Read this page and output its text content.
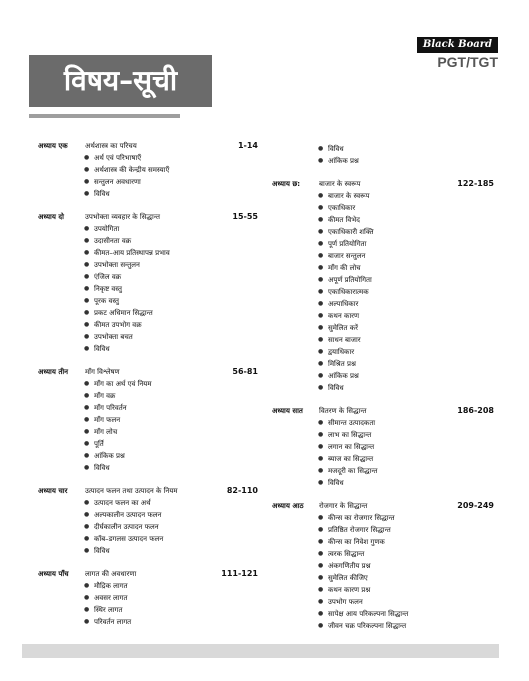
Black Board
PGT/TGT
विषय–सूची
अध्याय एक	अर्थशास्त्र का परिचय	1-14
● अर्थ एवं परिभाषाएँ
● अर्थशास्त्र की केन्द्रीय समस्याएँ
● सन्तुलन अवधारणा
● विविध
अध्याय दो	उपभोक्ता व्यवहार के सिद्धान्त	15-55
● उपयोगिता
● उदासीनता वक्र
● कीमत–आय प्रतिस्थापन्न प्रभाव
● उपभोक्ता सन्तुलन
● एंजिल वक्र
● निकृष्ट वस्तु
● पूरक वस्तु
● प्रकट अधिमान सिद्धान्त
● कीमत उपभोग वक्र
● उपभोक्ता बचत
● विविध
अध्याय तीन	माँग विश्लेषण	56-81
● माँग का अर्थ एवं नियम
● माँग वक्र
● माँग परिवर्तन
● माँग फलन
● माँग लोच
● पूर्ति
● आंकिक प्रश्न
● विविध
अध्याय चार	उत्पादन फलन तथा उत्पादन के नियम	82-110
● उत्पादन फलन का अर्थ
● अल्पकालीन उत्पादन फलन
● दीर्घकालीन उत्पादन फलन
● कॉब–डगलस उत्पादन फलन
● विविध
अध्याय पाँच	लागत की अवधारणा	111-121
● मौद्रिक लागत
● अवसर लागत
● स्थिर लागत
● परिवर्तन लागत
● विविध
● आंकिक प्रश्न
अध्याय छ:	बाजार के स्वरूप	122-185
● बाजार के स्वरूप
● एकाधिकार
● कीमत विभेद
● एकाधिकारी शक्ति
● पूर्ण प्रतियोगिता
● बाजार सन्तुलन
● माँग की लोच
● अपूर्ण प्रतियोगिता
● एकाधिकारात्मक
● अल्पाधिकार
● कथन कारण
● सुमेलित करें
● साधन बाजार
● द्वयाधिकार
● मिश्रित प्रश्न
● आंकिक प्रश्न
● विविध
अध्याय सात	वितरण के सिद्धान्त	186-208
● सीमान्त उत्पादकता
● लाभ का सिद्धान्त
● लगान का सिद्धान्त
● ब्याज का सिद्धान्त
● मजदूरी का सिद्धान्त
● विविध
अध्याय आठ	रोजगार के सिद्धान्त	209-249
● कीन्स का रोजगार सिद्धान्त
● प्रतिष्ठित रोजगार सिद्धान्त
● कीन्स का निवेश गुणक
● त्वरक सिद्धान्त
● अंकगणितीय प्रश्न
● सुमेलित कीजिए
● कथन कारण प्रश्न
● उपभोग फलन
● सापेक्ष आय परिकल्पना सिद्धान्त
● जीवन चक्र परिकल्पना सिद्धान्त
